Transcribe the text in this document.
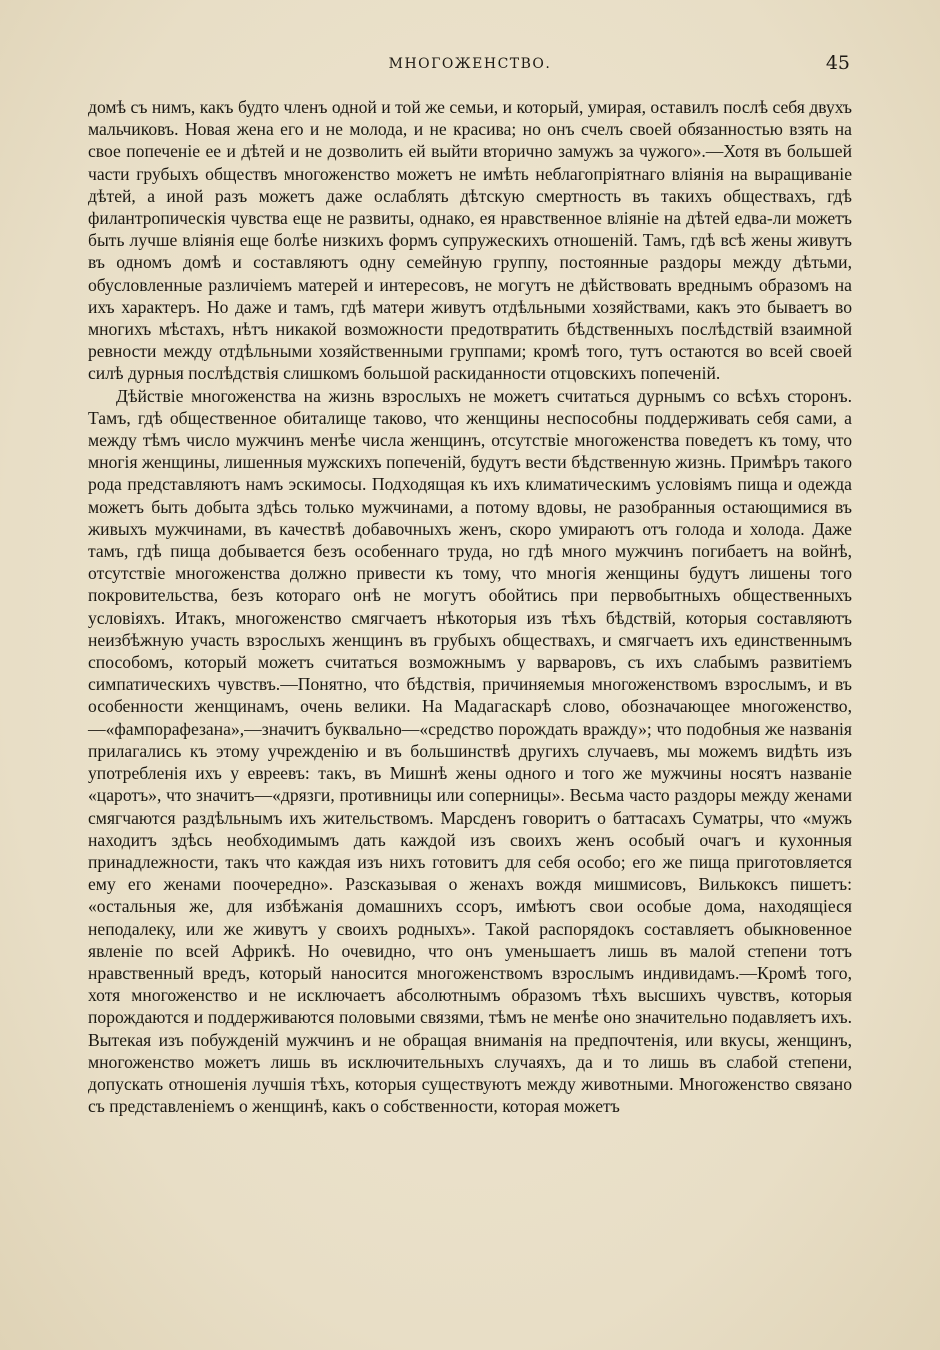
МНОГОЖЕНСТВО.	45

домѣ съ нимъ, какъ будто членъ одной и той же семьи, и который, умирая, оставилъ послѣ себя двухъ мальчиковъ. Новая жена его и не молода, и не красива; но онъ счелъ своей обязанностью взять на свое попеченіе ее и дѣтей и не дозволить ей выйти вторично замужъ за чужого».—Хотя въ большей части грубыхъ обществъ многоженство можетъ не имѣть неблагопріятнаго вліянія на выращиваніе дѣтей, а иной разъ можетъ даже ослаблять дѣтскую смертность въ такихъ обществахъ, гдѣ филантропическія чувства еще не развиты, однако, ея нравственное вліяніе на дѣтей едва-ли можетъ быть лучше вліянія еще болѣе низкихъ формъ супружескихъ отношеній. Тамъ, гдѣ всѣ жены живутъ въ одномъ домѣ и составляютъ одну семейную группу, постоянные раздоры между дѣтьми, обусловленные различіемъ матерей и интересовъ, не могутъ не дѣйствовать вреднымъ образомъ на ихъ характеръ. Но даже и тамъ, гдѣ матери живутъ отдѣльными хозяйствами, какъ это бываетъ во многихъ мѣстахъ, нѣтъ никакой возможности предотвратить бѣдственныхъ послѣдствій взаимной ревности между отдѣльными хозяйственными группами; кромѣ того, тутъ остаются во всей своей силѣ дурныя послѣдствія слишкомъ большой раскиданности отцовскихъ попеченій.

Дѣйствіе многоженства на жизнь взрослыхъ не можетъ считаться дурнымъ со всѣхъ сторонъ. Тамъ, гдѣ общественное обиталище таково, что женщины неспособны поддерживать себя сами, а между тѣмъ число мужчинъ менѣе числа женщинъ, отсутствіе многоженства поведетъ къ тому, что многія женщины, лишенныя мужскихъ попеченій, будутъ вести бѣдственную жизнь. Примѣръ такого рода представляютъ намъ эскимосы. Подходящая къ ихъ климатическимъ условіямъ пища и одежда можетъ быть добыта здѣсь только мужчинами, а потому вдовы, не разобранныя остающимися въ живыхъ мужчинами, въ качествѣ добавочныхъ женъ, скоро умираютъ отъ голода и холода. Даже тамъ, гдѣ пища добывается безъ особеннаго труда, но гдѣ много мужчинъ погибаетъ на войнѣ, отсутствіе многоженства должно привести къ тому, что многія женщины будутъ лишены того покровительства, безъ котораго онѣ не могутъ обойтись при первобытныхъ общественныхъ условіяхъ. Итакъ, многоженство смягчаетъ нѣкоторыя изъ тѣхъ бѣдствій, которыя составляютъ неизбѣжную участь взрослыхъ женщинъ въ грубыхъ обществахъ, и смягчаетъ ихъ единственнымъ способомъ, который можетъ считаться возможнымъ у варваровъ, съ ихъ слабымъ развитіемъ симпатическихъ чувствъ.—Понятно, что бѣдствія, причиняемыя многоженствомъ взрослымъ, и въ особенности женщинамъ, очень велики. На Мадагаскарѣ слово, обозначающее многоженство,—«фампорафезана»,—значитъ буквально—«средство порождать вражду»; что подобныя же названія прилагались къ этому учрежденію и въ большинствѣ другихъ случаевъ, мы можемъ видѣть изъ употребленія ихъ у евреевъ: такъ, въ Мишнѣ жены одного и того же мужчины носятъ названіе «царотъ», что значитъ—«дрязги, противницы или соперницы». Весьма часто раздоры между женами смягчаются раздѣльнымъ ихъ жительствомъ. Марсденъ говоритъ о баттасахъ Суматры, что «мужъ находитъ здѣсь необходимымъ дать каждой изъ своихъ женъ особый очагъ и кухонныя принадлежности, такъ что каждая изъ нихъ готовитъ для себя особо; его же пища приготовляется ему его женами поочередно». Разсказывая о женахъ вождя мишмисовъ, Вилькоксъ пишетъ: «остальныя же, для избѣжанія домашнихъ ссоръ, имѣютъ свои особые дома, находящіеся неподалеку, или же живутъ у своихъ родныхъ». Такой распорядокъ составляетъ обыкновенное явленіе по всей Африкѣ. Но очевидно, что онъ уменьшаетъ лишь въ малой степени тотъ нравственный вредъ, который наносится многоженствомъ взрослымъ индивидамъ.—Кромѣ того, хотя многоженство и не исключаетъ абсолютнымъ образомъ тѣхъ высшихъ чувствъ, которыя порождаются и поддерживаются половыми связями, тѣмъ не менѣе оно значительно подавляетъ ихъ. Вытекая изъ побужденій мужчинъ и не обращая вниманія на предпочтенія, или вкусы, женщинъ, многоженство можетъ лишь въ исключительныхъ случаяхъ, да и то лишь въ слабой степени, допускать отношенія лучшія тѣхъ, которыя существуютъ между животными. Многоженство связано съ представленіемъ о женщинѣ, какъ о собственности, которая можетъ
